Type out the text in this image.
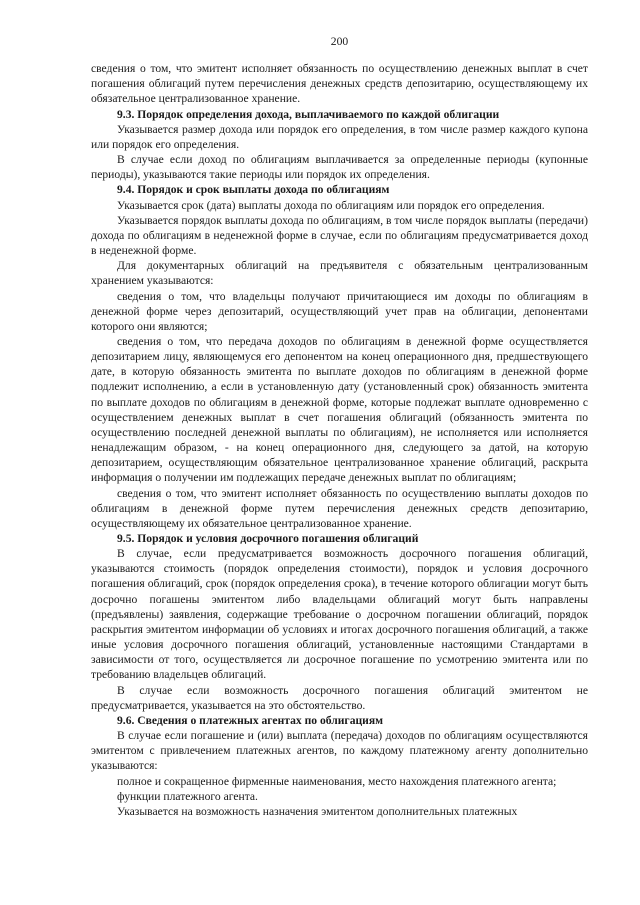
200

сведения о том, что эмитент исполняет обязанность по осуществлению денежных выплат в счет погашения облигаций путем перечисления денежных средств депозитарию, осуществляющему их обязательное централизованное хранение.

9.3. Порядок определения дохода, выплачиваемого по каждой облигации

Указывается размер дохода или порядок его определения, в том числе размер каждого купона или порядок его определения.

В случае если доход по облигациям выплачивается за определенные периоды (купонные периоды), указываются такие периоды или порядок их определения.

9.4. Порядок и срок выплаты дохода по облигациям

Указывается срок (дата) выплаты дохода по облигациям или порядок его определения.

Указывается порядок выплаты дохода по облигациям, в том числе порядок выплаты (передачи) дохода по облигациям в неденежной форме в случае, если по облигациям предусматривается доход в неденежной форме.

Для документарных облигаций на предъявителя с обязательным централизованным хранением указываются:

сведения о том, что владельцы получают причитающиеся им доходы по облигациям в денежной форме через депозитарий, осуществляющий учет прав на облигации, депонентами которого они являются;

сведения о том, что передача доходов по облигациям в денежной форме осуществляется депозитарием лицу, являющемуся его депонентом на конец операционного дня, предшествующего дате, в которую обязанность эмитента по выплате доходов по облигациям в денежной форме подлежит исполнению, а если в установленную дату (установленный срок) обязанность эмитента по выплате доходов по облигациям в денежной форме, которые подлежат выплате одновременно с осуществлением денежных выплат в счет погашения облигаций (обязанность эмитента по осуществлению последней денежной выплаты по облигациям), не исполняется или исполняется ненадлежащим образом, - на конец операционного дня, следующего за датой, на которую депозитарием, осуществляющим обязательное централизованное хранение облигаций, раскрыта информация о получении им подлежащих передаче денежных выплат по облигациям;

сведения о том, что эмитент исполняет обязанность по осуществлению выплаты доходов по облигациям в денежной форме путем перечисления денежных средств депозитарию, осуществляющему их обязательное централизованное хранение.

9.5. Порядок и условия досрочного погашения облигаций

В случае, если предусматривается возможность досрочного погашения облигаций, указываются стоимость (порядок определения стоимости), порядок и условия досрочного погашения облигаций, срок (порядок определения срока), в течение которого облигации могут быть досрочно погашены эмитентом либо владельцами облигаций могут быть направлены (предъявлены) заявления, содержащие требование о досрочном погашении облигаций, порядок раскрытия эмитентом информации об условиях и итогах досрочного погашения облигаций, а также иные условия досрочного погашения облигаций, установленные настоящими Стандартами в зависимости от того, осуществляется ли досрочное погашение по усмотрению эмитента или по требованию владельцев облигаций.

В случае если возможность досрочного погашения облигаций эмитентом не предусматривается, указывается на это обстоятельство.

9.6. Сведения о платежных агентах по облигациям

В случае если погашение и (или) выплата (передача) доходов по облигациям осуществляются эмитентом с привлечением платежных агентов, по каждому платежному агенту дополнительно указываются:

полное и сокращенное фирменные наименования, место нахождения платежного агента;

функции платежного агента.

Указывается на возможность назначения эмитентом дополнительных платежных
